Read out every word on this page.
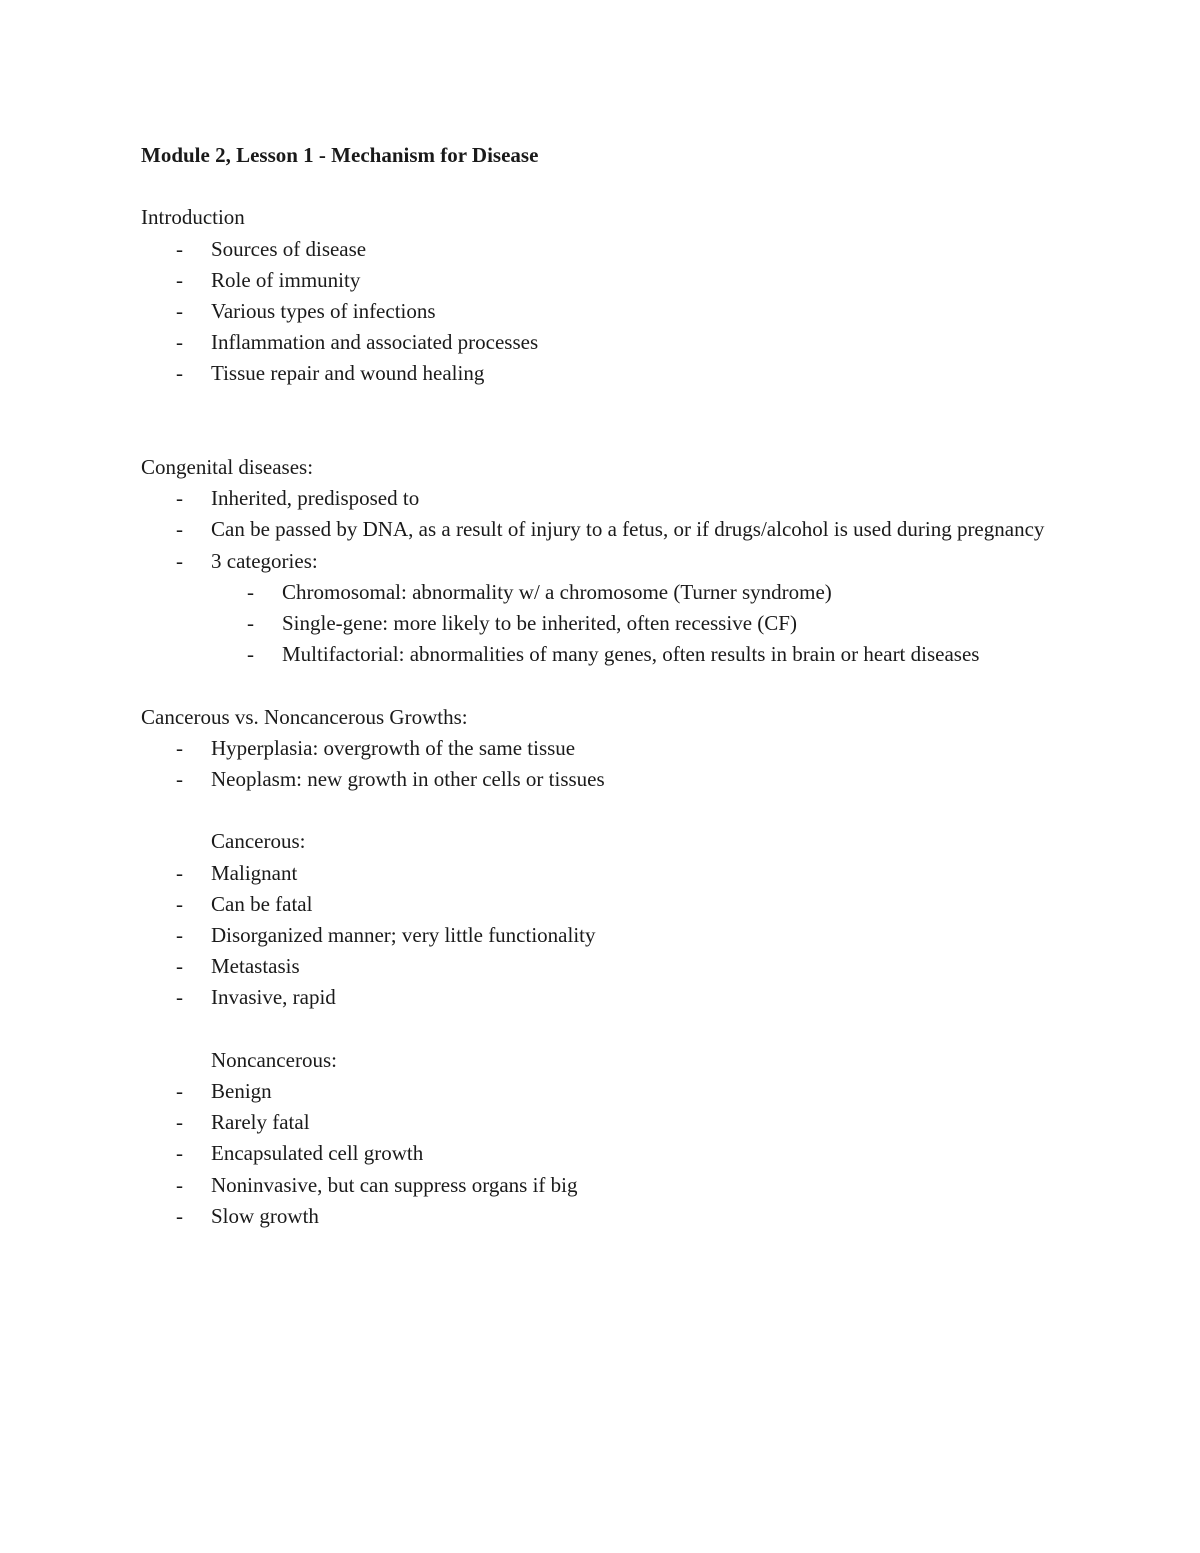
Module 2, Lesson 1 - Mechanism for Disease

Introduction

- Sources of disease
- Role of immunity
- Various types of infections
- Inflammation and associated processes
- Tissue repair and wound healing

Congenital diseases:

- Inherited, predisposed to
- Can be passed by DNA, as a result of injury to a fetus, or if drugs/alcohol is used during pregnancy
- 3 categories:
- Chromosomal: abnormality w/ a chromosome (Turner syndrome)
- Single-gene: more likely to be inherited, often recessive (CF)
- Multifactorial: abnormalities of many genes, often results in brain or heart diseases

Cancerous vs. Noncancerous Growths:

- Hyperplasia: overgrowth of the same tissue
- Neoplasm: new growth in other cells or tissues

Cancerous:

- Malignant
- Can be fatal
- Disorganized manner; very little functionality
- Metastasis
- Invasive, rapid

Noncancerous:

- Benign
- Rarely fatal
- Encapsulated cell growth
- Noninvasive, but can suppress organs if big
- Slow growth
